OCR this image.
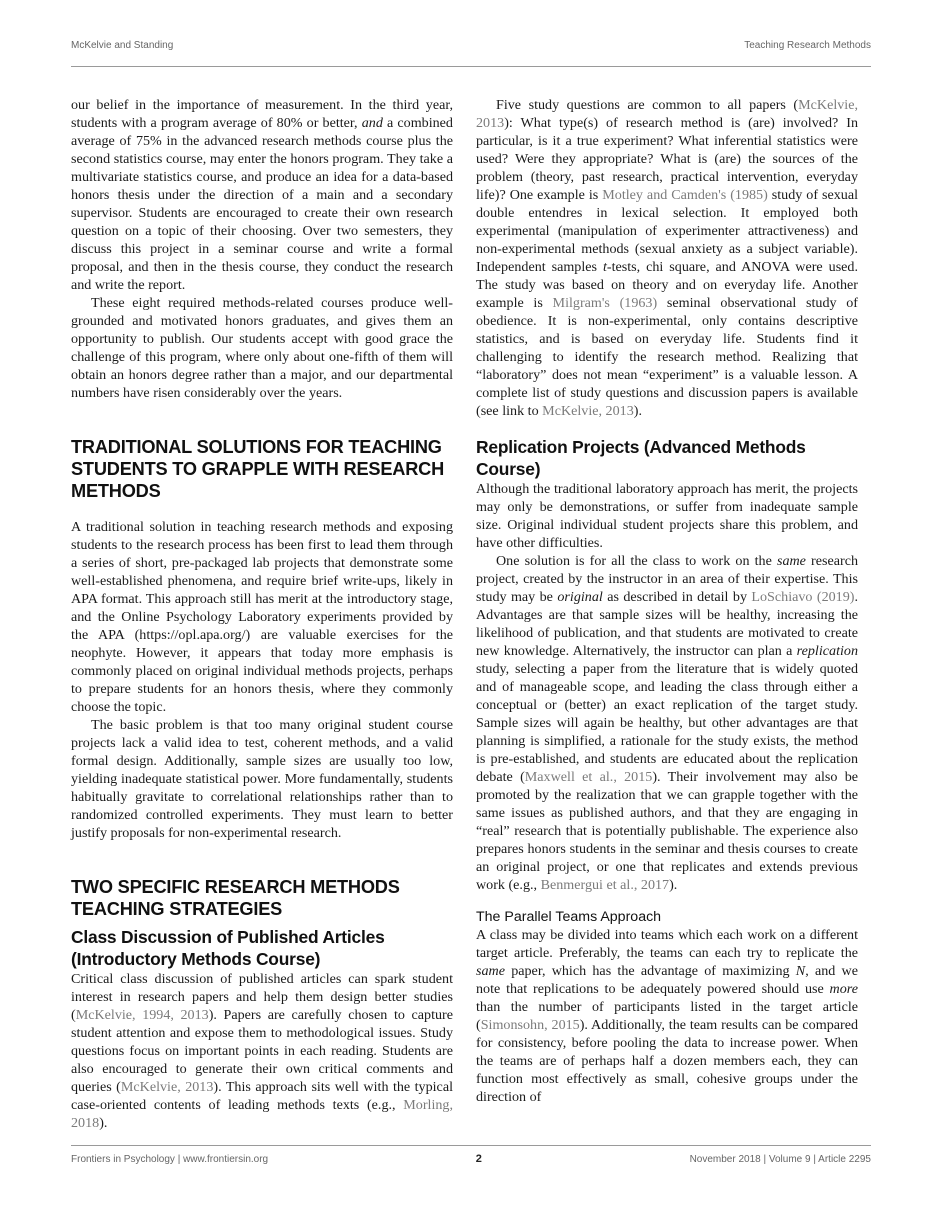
McKelvie and Standing	Teaching Research Methods

our belief in the importance of measurement. In the third year, students with a program average of 80% or better, and a combined average of 75% in the advanced research methods course plus the second statistics course, may enter the honors program. They take a multivariate statistics course, and produce an idea for a data-based honors thesis under the direction of a main and a secondary supervisor. Students are encouraged to create their own research question on a topic of their choosing. Over two semesters, they discuss this project in a seminar course and write a formal proposal, and then in the thesis course, they conduct the research and write the report.

These eight required methods-related courses produce well-grounded and motivated honors graduates, and gives them an opportunity to publish. Our students accept with good grace the challenge of this program, where only about one-fifth of them will obtain an honors degree rather than a major, and our departmental numbers have risen considerably over the years.

TRADITIONAL SOLUTIONS FOR TEACHING STUDENTS TO GRAPPLE WITH RESEARCH METHODS

A traditional solution in teaching research methods and exposing students to the research process has been first to lead them through a series of short, pre-packaged lab projects that demonstrate some well-established phenomena, and require brief write-ups, likely in APA format. This approach still has merit at the introductory stage, and the Online Psychology Laboratory experiments provided by the APA (https://opl.apa.org/) are valuable exercises for the neophyte. However, it appears that today more emphasis is commonly placed on original individual methods projects, perhaps to prepare students for an honors thesis, where they commonly choose the topic.

The basic problem is that too many original student course projects lack a valid idea to test, coherent methods, and a valid formal design. Additionally, sample sizes are usually too low, yielding inadequate statistical power. More fundamentally, students habitually gravitate to correlational relationships rather than to randomized controlled experiments. They must learn to better justify proposals for non-experimental research.

TWO SPECIFIC RESEARCH METHODS TEACHING STRATEGIES
Class Discussion of Published Articles (Introductory Methods Course)

Critical class discussion of published articles can spark student interest in research papers and help them design better studies (McKelvie, 1994, 2013). Papers are carefully chosen to capture student attention and expose them to methodological issues. Study questions focus on important points in each reading. Students are also encouraged to generate their own critical comments and queries (McKelvie, 2013). This approach sits well with the typical case-oriented contents of leading methods texts (e.g., Morling, 2018).

Five study questions are common to all papers (McKelvie, 2013): What type(s) of research method is (are) involved? In particular, is it a true experiment? What inferential statistics were used? Were they appropriate? What is (are) the sources of the problem (theory, past research, practical intervention, everyday life)? One example is Motley and Camden's (1985) study of sexual double entendres in lexical selection. It employed both experimental (manipulation of experimenter attractiveness) and non-experimental methods (sexual anxiety as a subject variable). Independent samples t-tests, chi square, and ANOVA were used. The study was based on theory and on everyday life. Another example is Milgram's (1963) seminal observational study of obedience. It is non-experimental, only contains descriptive statistics, and is based on everyday life. Students find it challenging to identify the research method. Realizing that “laboratory” does not mean “experiment” is a valuable lesson. A complete list of study questions and discussion papers is available (see link to McKelvie, 2013).

Replication Projects (Advanced Methods Course)

Although the traditional laboratory approach has merit, the projects may only be demonstrations, or suffer from inadequate sample size. Original individual student projects share this problem, and have other difficulties.

One solution is for all the class to work on the same research project, created by the instructor in an area of their expertise. This study may be original as described in detail by LoSchiavo (2019). Advantages are that sample sizes will be healthy, increasing the likelihood of publication, and that students are motivated to create new knowledge. Alternatively, the instructor can plan a replication study, selecting a paper from the literature that is widely quoted and of manageable scope, and leading the class through either a conceptual or (better) an exact replication of the target study. Sample sizes will again be healthy, but other advantages are that planning is simplified, a rationale for the study exists, the method is pre-established, and students are educated about the replication debate (Maxwell et al., 2015). Their involvement may also be promoted by the realization that we can grapple together with the same issues as published authors, and that they are engaging in “real” research that is potentially publishable. The experience also prepares honors students in the seminar and thesis courses to create an original project, or one that replicates and extends previous work (e.g., Benmergui et al., 2017).

The Parallel Teams Approach

A class may be divided into teams which each work on a different target article. Preferably, the teams can each try to replicate the same paper, which has the advantage of maximizing N, and we note that replications to be adequately powered should use more than the number of participants listed in the target article (Simonsohn, 2015). Additionally, the team results can be compared for consistency, before pooling the data to increase power. When the teams are of perhaps half a dozen members each, they can function most effectively as small, cohesive groups under the direction of

Frontiers in Psychology | www.frontiersin.org	2	November 2018 | Volume 9 | Article 2295
